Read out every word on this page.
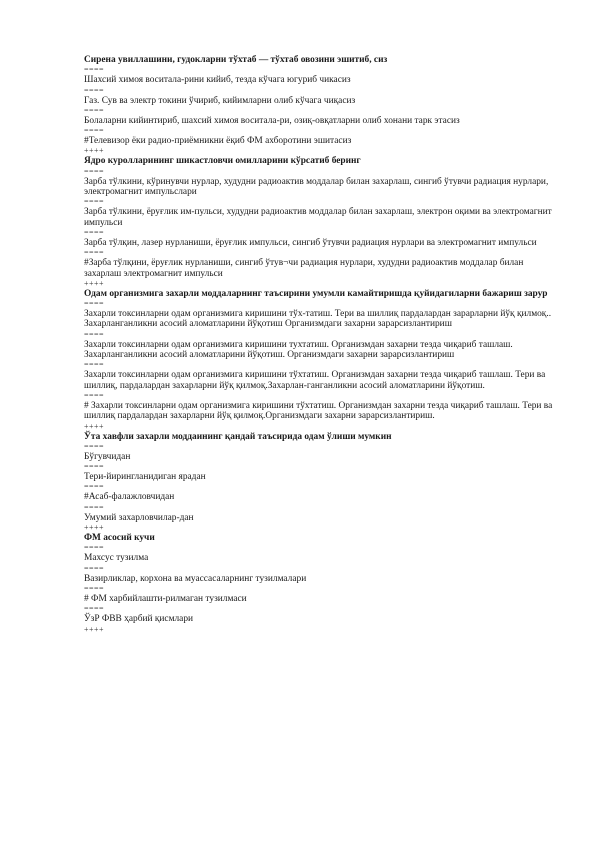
Сирена увиллашини, гудокларни тўхтаб — тўхтаб овозини эшитиб, сиз
====
Шахсий химоя воситала-рини кийиб, тезда кўчага югуриб чикасиз
====
Газ. Сув ва электр токини ўчириб, кийимларни олиб кўчага чиқасиз
====
Болаларни кийинтириб, шахсий химоя воситала-ри, озиқ-овқатларни олиб хонани тарк этасиз
====
#Телевизор ёки радио-приёмникни ёқиб ФМ ахборотини эшитасиз
++++
Ядро куролларининг шикастловчи омилларини кўрсатиб беринг
====
Зарба тўлкини, кўринувчи нурлар, худудни радиоактив моддалар билан захарлаш, сингиб ўтувчи радиация нурлари, электромагнит импульслари
====
Зарба тўлкини, ёруғлик им-пульси, худудни радиоактив моддалар билан захарлаш, электрон оқими ва электромагнит импульси
====
Зарба тўлқин, лазер нурланиши, ёруғлик импульси, сингиб ўтувчи радиация нурлари ва электромагнит импульси
====
#Зарба тўлқини, ёруғлик нурланиши, сингиб ўтув¬чи радиация нурлари, худудни радиоактив моддалар билан захарлаш электромагнит импульси
++++
Одам организмига захарли моддаларнинг таъсирини умумли камайтиришда қуйидагиларни бажариш зарур
====
Захарли токсинларни одам организмига киришини тўх-татиш. Тери ва шиллиқ пардалардан зарарларни йўқ қилмоқ.. Захарланганликни асосий аломатларини йўқотиш Организмдаги захарни зарарсизлантириш
====
Захарли токсинларни одам организмига киришини тухтатиш. Организмдан захарни тезда чиқариб ташлаш. Захарланганликни асосий аломатларини йўқотиш. Организмдаги захарни зарарсизлантириш
====
Захарли токсинларни одам организмига киришини тўхтатиш. Организмдан захарни тезда чиқариб ташлаш. Тери ва шиллиқ, пардалардан захарларни йўқ қилмоқ.Захарлан-ганганликни асосий аломатларини йўқотиш.
====
# Захарли токсинларни одам организмига киришини тўхтатиш. Организмдан захарни тезда чиқариб ташлаш. Тери ва шиллиқ пардалардан захарларни йўқ қилмоқ.Организмдаги захарни зарарсизлантириш.
++++
Ўта хавфли захарли моддаининг қандай таъсирида одам ўлиши мумкин
====
Бўгувчидан
====
Тери-йирингланидиган ярадан
====
#Асаб-фалажловчидан
====
Умумий захарловчилар-дан
++++
ФМ асосий кучи
====
Махсус тузилма
====
Вазирликлар, корхона ва муассасаларнинг тузилмалари
====
# ФМ харбийлашти-рилмаган тузилмаси
====
ЎзР ФВВ ҳарбий қисмлари
++++
